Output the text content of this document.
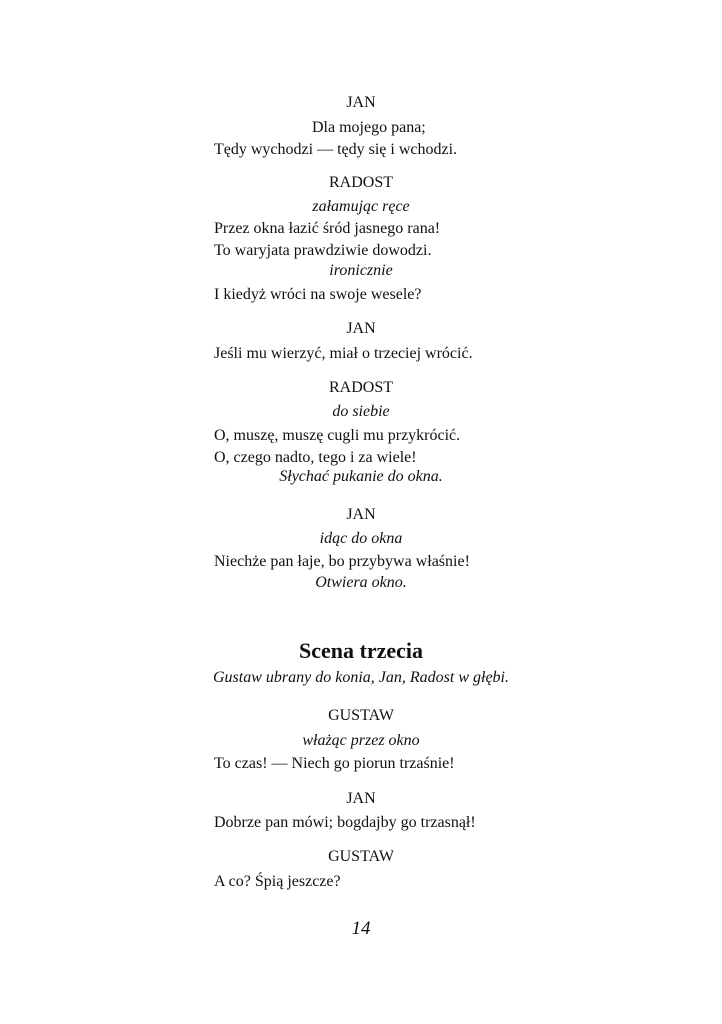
JAN
Dla mojego pana;
Tędy wychodzi — tędy się i wchodzi.
RADOST
załamując ręce
Przez okna łazić śród jasnego rana!
To waryjata prawdziwie dowodzi.
ironicznie
I kiedyż wróci na swoje wesele?
JAN
Jeśli mu wierzyć, miał o trzeciej wrócić.
RADOST
do siebie
O, muszę, muszę cugli mu przykrócić.
O, czego nadto, tego i za wiele!
Słychać pukanie do okna.
JAN
idąc do okna
Niechże pan łaje, bo przybywa właśnie!
Otwiera okno.
Scena trzecia
Gustaw ubrany do konia, Jan, Radost w głębi.
GUSTAW
włażąc przez okno
To czas! — Niech go piorun trzaśnie!
JAN
Dobrze pan mówi; bogdajby go trzasnął!
GUSTAW
A co? Śpią jeszcze?
14
